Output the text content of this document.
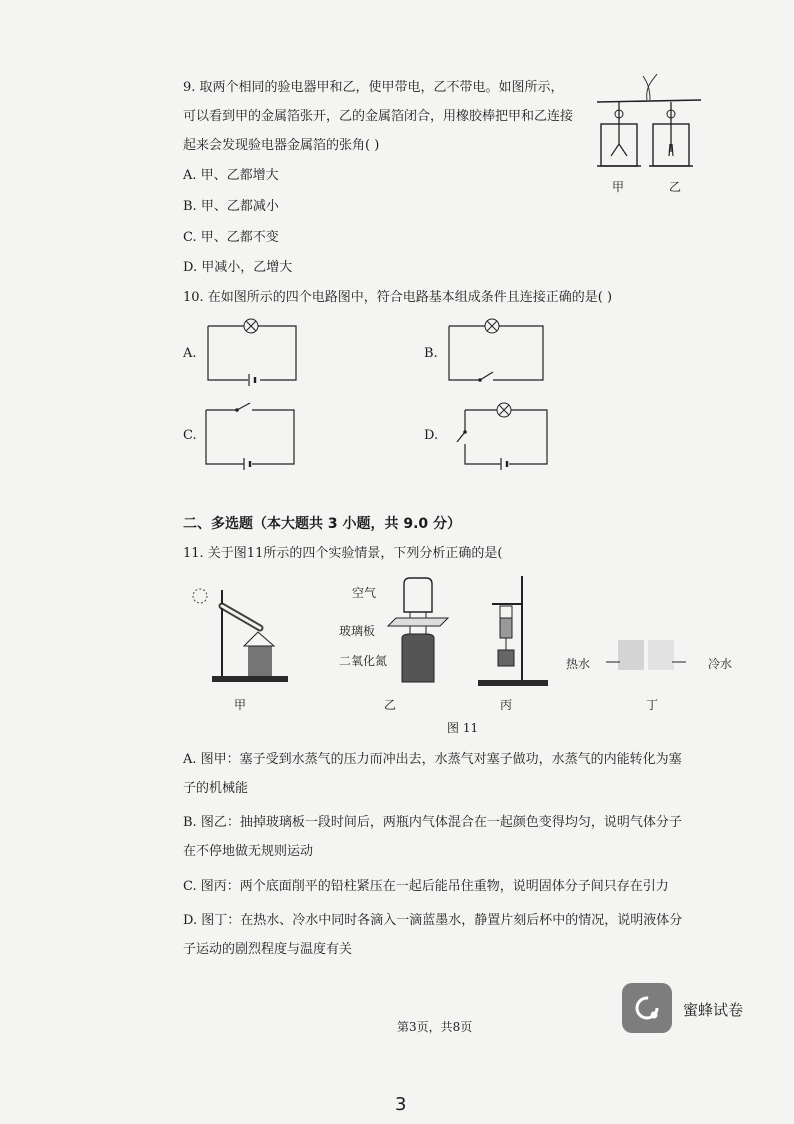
9. 取两个相同的验电器甲和乙，使甲带电，乙不带电。如图所示，
可以看到甲的金属箔张开，乙的金属箔闭合，用橡胶棒把甲和乙连接
起来会发现验电器金属箔的张角( )
A. 甲、乙都增大
B. 甲、乙都减小
C. 甲、乙都不变
D. 甲减小，乙增大
甲	乙
10. 在如图所示的四个电路图中，符合电路基本组成条件且连接正确的是( )
A.	B.
C.	D.
二、多选题（本大题共 3 小题，共 9.0 分）
11. 关于图11所示的四个实验情景，下列分析正确的是(
空气
玻璃板
二氧化氮	热水	冷水
甲	乙	丙	丁
图 11
A. 图甲：塞子受到水蒸气的压力而冲出去，水蒸气对塞子做功，水蒸气的内能转化为塞
子的机械能
B. 图乙：抽掉玻璃板一段时间后，两瓶内气体混合在一起颜色变得均匀，说明气体分子
在不停地做无规则运动
C. 图丙：两个底面削平的铅柱紧压在一起后能吊住重物，说明固体分子间只存在引力
D. 图丁：在热水、冷水中同时各滴入一滴蓝墨水，静置片刻后杯中的情况，说明液体分
子运动的剧烈程度与温度有关
蜜蜂试卷
第3页，共8页
3
